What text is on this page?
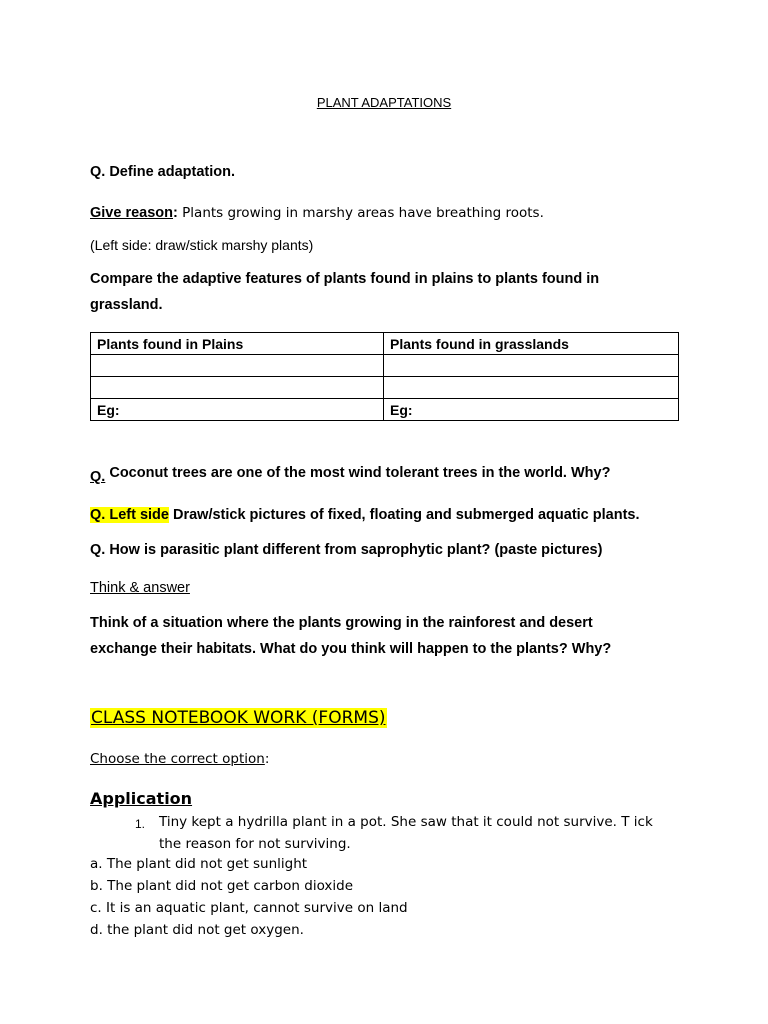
PLANT ADAPTATIONS
Q. Define adaptation.
Give reason: Plants growing in marshy areas have breathing roots.
(Left side: draw/stick marshy plants)
Compare the adaptive features of plants found in plains to plants found in
grassland.
Plants found in Plains	Plants found in grasslands

Eg:	Eg:
Q. Coconut trees are one of the most wind tolerant trees in the world. Why?
Q. Left side Draw/stick pictures of fixed, floating and submerged aquatic plants.
Q. How is parasitic plant different from saprophytic plant? (paste pictures)
Think & answer
Think of a situation where the plants growing in the rainforest and desert
exchange their habitats. What do you think will happen to the plants? Why?
CLASS NOTEBOOK WORK (FORMS)
Choose the correct option:
Application
1. Tiny kept a hydrilla plant in a pot. She saw that it could not survive. T ick
the reason for not surviving.
a. The plant did not get sunlight
b. The plant did not get carbon dioxide
c. It is an aquatic plant, cannot survive on land
d. the plant did not get oxygen.
